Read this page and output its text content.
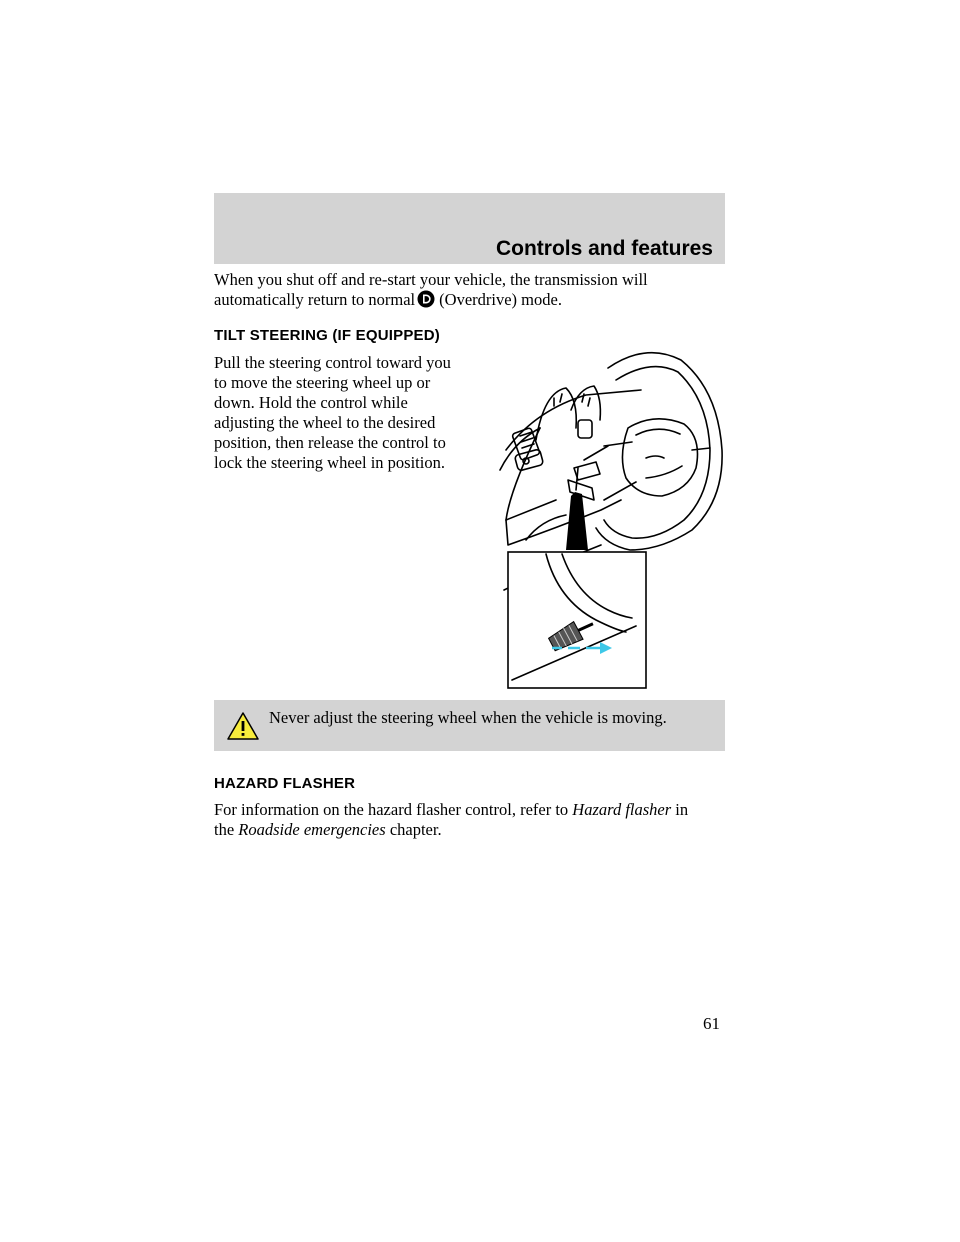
Controls and features
When you shut off and re-start your vehicle, the transmission will
automatically return to normal (Overdrive) mode.
TILT STEERING (IF EQUIPPED)
Pull the steering control toward you
to move the steering wheel up or
down. Hold the control while
adjusting the wheel to the desired
position, then release the control to
lock the steering wheel in position.
Never adjust the steering wheel when the vehicle is moving.
HAZARD FLASHER
For information on the hazard flasher control, refer to Hazard flasher in
the Roadside emergencies chapter.
61
